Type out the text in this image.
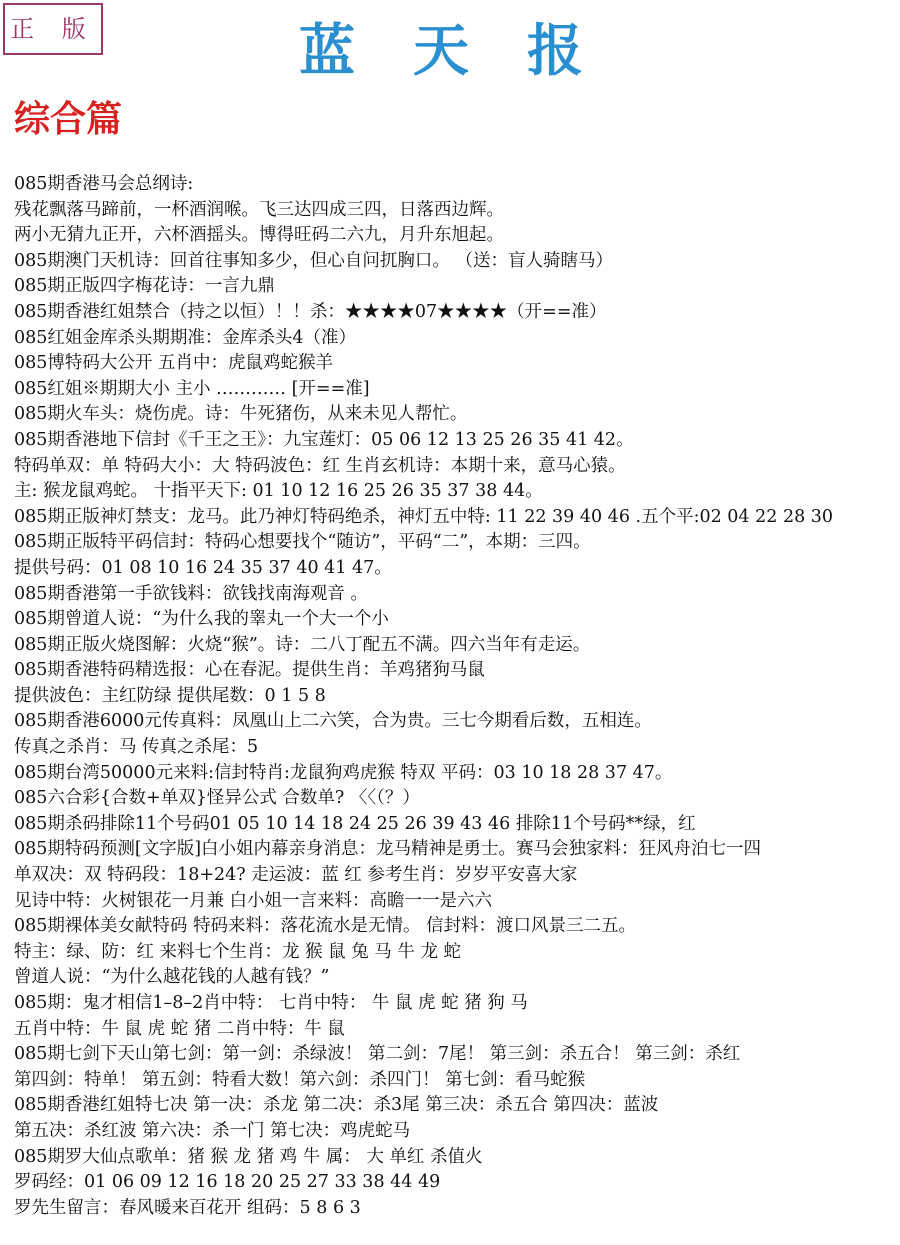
正 版	蓝天报
综合篇
085期香港马会总纲诗:
残花飘落马蹄前，一杯酒润喉。飞三达四成三四，日落西边辉。
两小无猜九正开，六杯酒摇头。博得旺码二六九，月升东旭起。
085期澳门天机诗：回首往事知多少，但心自问扤胸口。 （送：盲人骑瞎马）
085期正版四字梅花诗：一言九鼎
085期香港红姐禁合（持之以恒）！！杀：★★★★07★★★★（开==准）
085红姐金库杀头期期准：金库杀头4（准）
085博特码大公开 五肖中：虎鼠鸡蛇猴羊
085红姐※期期大小 主小 ………… [开==准]
085期火车头：烧伤虎。诗：牛死猪伤，从来未见人帮忙。
085期香港地下信封《千王之王》：九宝莲灯：05 06 12 13 25 26 35 41 42。
特码单双：单 特码大小：大 特码波色：红 生肖玄机诗：本期十来，意马心猿。
主: 猴龙鼠鸡蛇。 十指平天下: 01 10 12 16 25 26 35 37 38 44。
085期正版神灯禁支：龙马。此乃神灯特码绝杀，神灯五中特: 11 22 39 40 46 .五个平:02 04 22 28 30
085期正版特平码信封：特码心想要找个“随访”，平码“二”，本期：三四。
提供号码：01 08 10 16 24 35 37 40 41 47。
085期香港第一手欲钱料：欲钱找南海观音 。
085期曾道人说：“为什么我的睾丸一个大一个小
085期正版火烧图解：火烧“猴”。诗：二八丁配五不满。四六当年有走运。
085期香港特码精选报：心在春泥。提供生肖：羊鸡猪狗马鼠
提供波色：主红防绿 提供尾数：0 1 5 8
085期香港6000元传真料：凤凰山上二六笑，合为贵。三七今期看后数，五相连。
传真之杀肖：马 传真之杀尾：5
085期台湾50000元来料:信封特肖:龙鼠狗鸡虎猴 特双 平码：03 10 18 28 37 47。
085六合彩{合数+单双}怪异公式 合数单? 〈〈（？）
085期杀码排除11个号码01 05 10 14 18 24 25 26 39 43 46 排除11个号码**绿，红
085期特码预测[文字版]白小姐内幕亲身消息：龙马精神是勇士。赛马会独家料：狂风舟泊七一四
单双决：双 特码段：18+24? 走运波：蓝 红 参考生肖：岁岁平安喜大家
见诗中特：火树银花一月兼 白小姐一言来料：高瞻一一是六六
085期裸体美女献特码 特码来料：落花流水是无情。 信封料：渡口风景三二五。
特主：绿、防：红 来料七个生肖：龙 猴 鼠 兔 马 牛 龙 蛇
曾道人说：“为什么越花钱的人越有钱？”
085期：鬼才相信1–8–2肖中特： 七肖中特： 牛 鼠 虎 蛇 猪 狗 马
五肖中特：牛 鼠 虎 蛇 猪 二肖中特：牛 鼠
085期七剑下天山第七剑：第一剑：杀绿波！ 第二剑：7尾！ 第三剑：杀五合！ 第三剑：杀红
第四剑：特单！ 第五剑：特看大数！第六剑：杀四门！ 第七剑：看马蛇猴
085期香港红姐特七决 第一决：杀龙 第二决：杀3尾 第三决：杀五合 第四决：蓝波
第五决：杀红波 第六决：杀一门 第七决：鸡虎蛇马
085期罗大仙点歌单：猪 猴 龙 猪 鸡 牛 属： 大 单红 杀值火
罗码经：01 06 09 12 16 18 20 25 27 33 38 44 49
罗先生留言：春风暖来百花开 组码：5 8 6 3
